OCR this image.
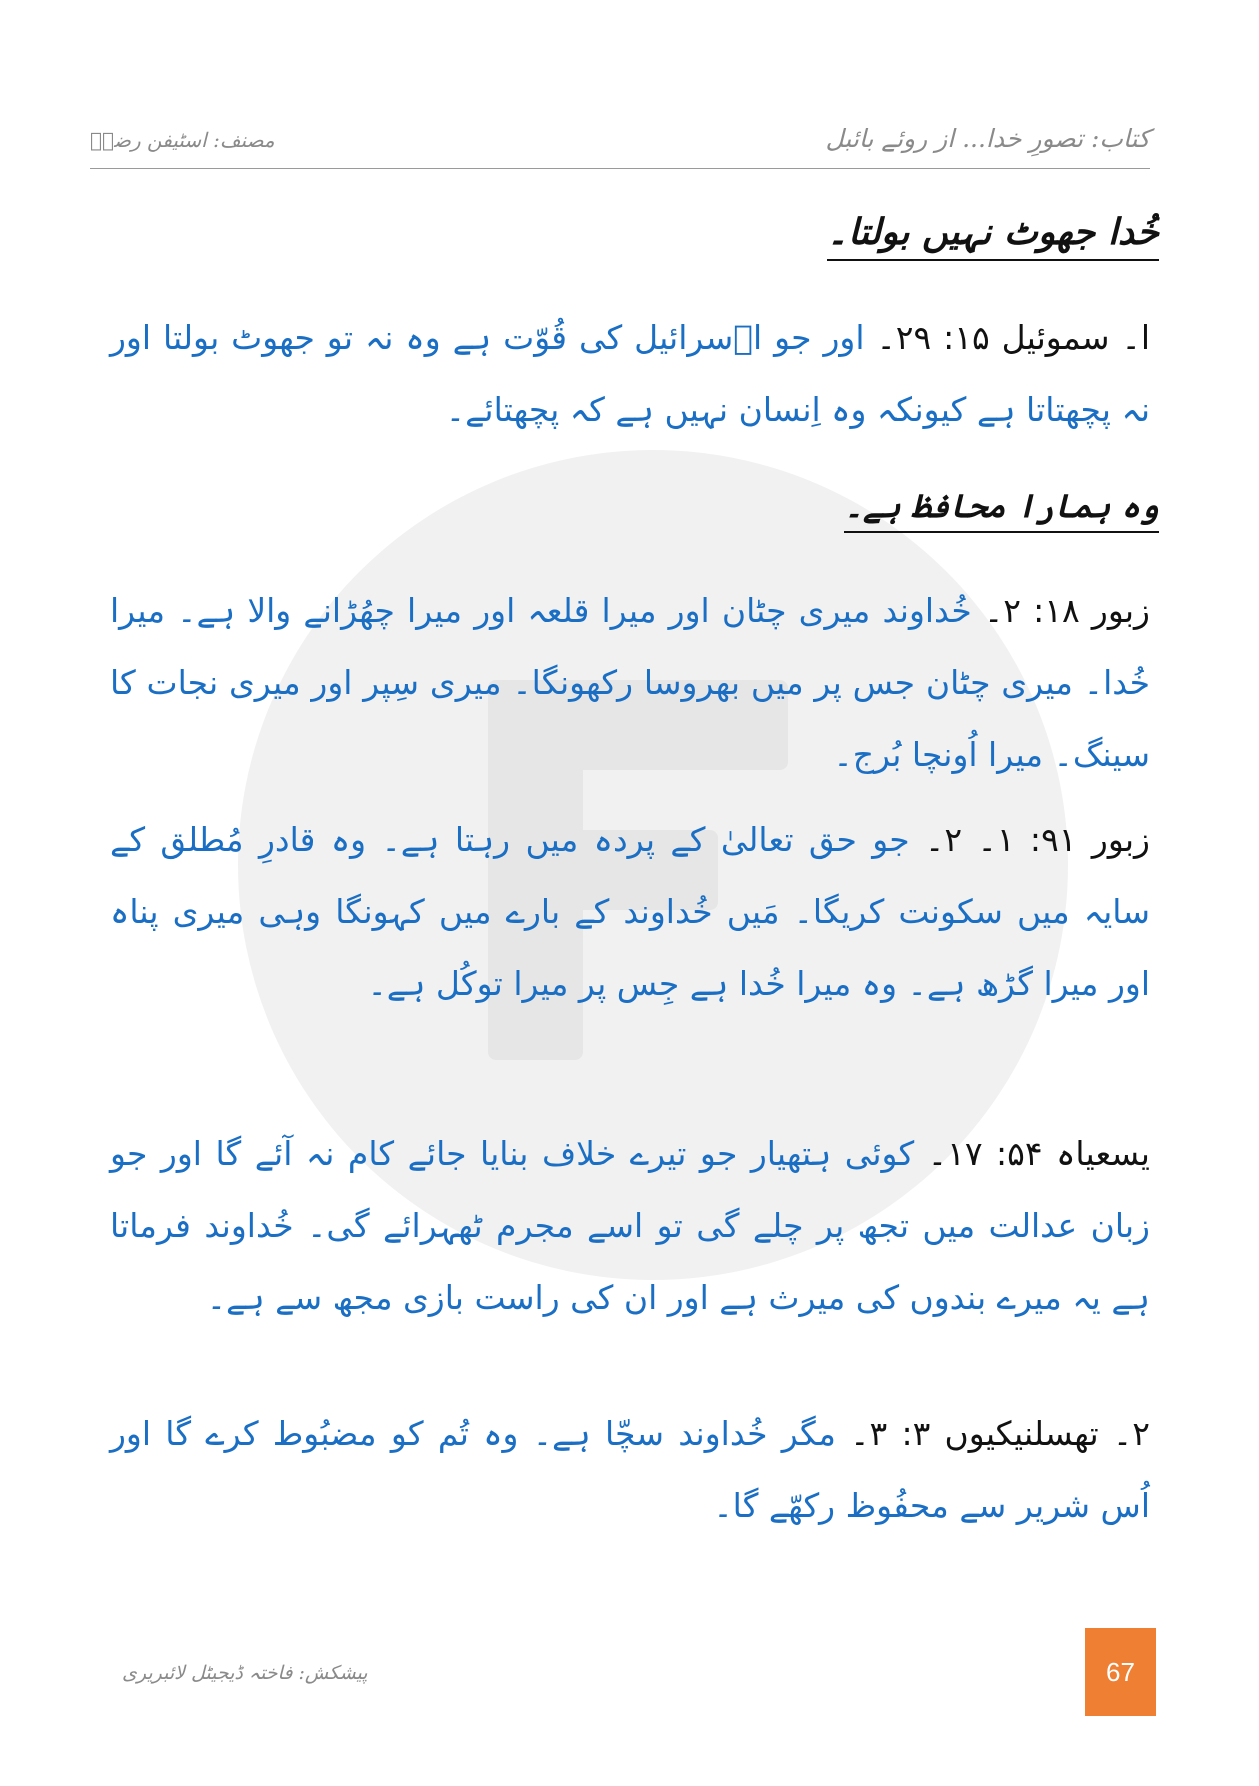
کتاب: تصورِ خدا... از روئے بائبل
مصنف: اسٹیفن رضاؔ
خُدا جھوٹ نہیں بولتا۔
ا۔ سموئیل ۱۵: ۲۹۔ اور جو اؔسرائیل کی قُوّت ہے وہ نہ تو جھوٹ بولتا اور نہ پچھتاتا ہے کیونکہ وہ اِنسان نہیں ہے کہ پچھتائے۔
وہ ہمارا محافظ ہے۔
زبور ۱۸: ۲۔ خُداوند میری چٹان اور میرا قلعہ اور میرا چھُڑانے والا ہے۔ میرا خُدا۔ میری چٹان جس پر میں بھروسا رکھونگا۔ میری سِپر اور میری نجات کا سینگ۔ میرا اُونچا بُرج۔
زبور ۹۱: ۱۔ ۲۔ جو حق تعالیٰ کے پردہ میں رہتا ہے۔ وہ قادرِ مُطلق کے سایہ میں سکونت کریگا۔ مَیں خُداوند کے بارے میں کہونگا وہی میری پناہ اور میرا گڑھ ہے۔ وہ میرا خُدا ہے جِس پر میرا توکُل ہے۔
یسعیاہ ۵۴: ۱۷۔ کوئی ہتھیار جو تیرے خلاف بنایا جائے کام نہ آئے گا اور جو زبان عدالت میں تجھ پر چلے گی تو اسے مجرم ٹھہرائے گی۔ خُداوند فرماتا ہے یہ میرے بندوں کی میرث ہے اور ان کی راست بازی مجھ سے ہے۔
۲۔ تھسلنیکیوں ۳: ۳۔ مگر خُداوند سچّا ہے۔ وہ تُم کو مضبُوط کرے گا اور اُس شریر سے محفُوظ رکھّے گا۔
پیشکش: فاختہ ڈیجیٹل لائبریری	67
